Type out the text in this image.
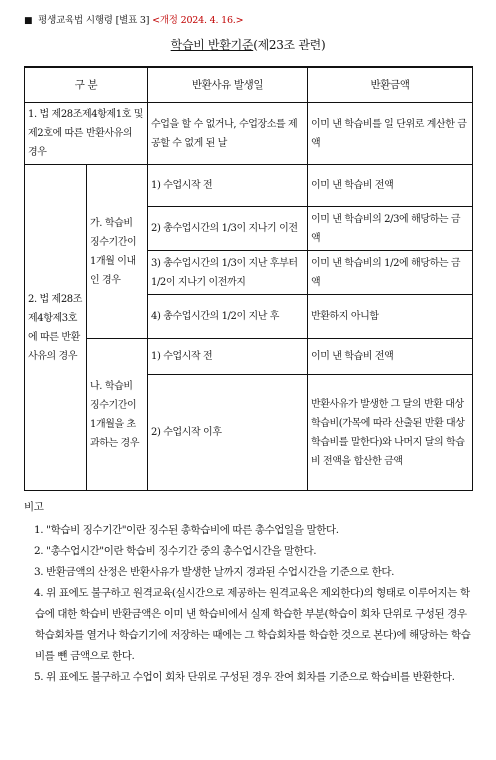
■ 평생교육법 시행령 [별표 3] <개정 2024. 4. 16.>
학습비 반환기준(제23조 관련)
구 분		반환사유 발생일	반환금액
1. 법 제28조제4항제1호 및 제2호에 따른 반환사유의 경우		수업을 할 수 없거나, 수업장소를 제공할 수 없게 된 날	이미 낸 학습비를 일 단위로 계산한 금액
2. 법 제28조제4항제3호에 따른 반환사유의 경우	가. 학습비 징수기간이 1개월 이내인 경우	1) 수업시작 전	이미 낸 학습비 전액
		2) 총수업시간의 1/3이 지나기 이전	이미 낸 학습비의 2/3에 해당하는 금액
		3) 총수업시간의 1/3이 지난 후부터 1/2이 지나기 이전까지	이미 낸 학습비의 1/2에 해당하는 금액
		4) 총수업시간의 1/2이 지난 후	반환하지 아니함
	나. 학습비 징수기간이 1개월을 초과하는 경우	1) 수업시작 전	이미 낸 학습비 전액
		2) 수업시작 이후	반환사유가 발생한 그 달의 반환 대상 학습비(가목에 따라 산출된 반환 대상 학습비를 말한다)와 나머지 달의 학습비 전액을 합산한 금액
비고
1. "학습비 징수기간"이란 징수된 총학습비에 따른 총수업일을 말한다.
2. "총수업시간"이란 학습비 징수기간 중의 총수업시간을 말한다.
3. 반환금액의 산정은 반환사유가 발생한 날까지 경과된 수업시간을 기준으로 한다.
4. 위 표에도 불구하고 원격교육(실시간으로 제공하는 원격교육은 제외한다)의 형태로 이루어지는 학습에 대한 학습비 반환금액은 이미 낸 학습비에서 실제 학습한 부분(학습이 회차 단위로 구성된 경우 학습회차를 열거나 학습기기에 저장하는 때에는 그 학습회차를 학습한 것으로 본다)에 해당하는 학습비를 뺀 금액으로 한다.
5. 위 표에도 불구하고 수업이 회차 단위로 구성된 경우 잔여 회차를 기준으로 학습비를 반환한다.
